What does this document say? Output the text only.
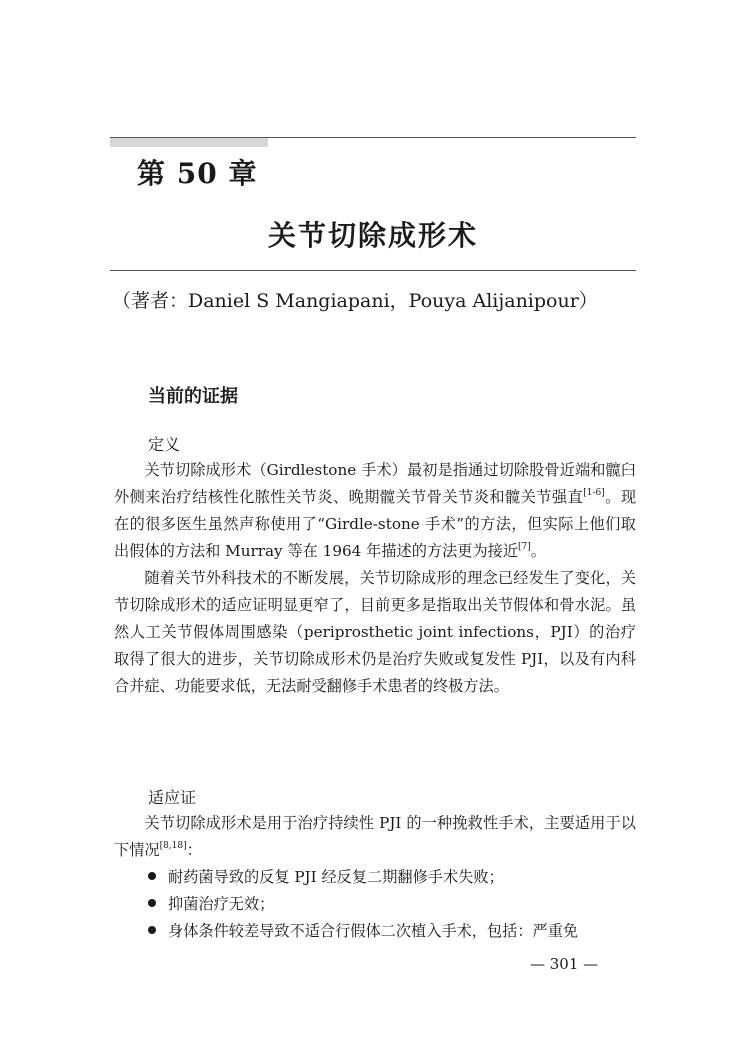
第 50 章
关节切除成形术
（著者：Daniel S Mangiapani，Pouya Alijanipour）
当前的证据
定义

关节切除成形术（Girdlestone 手术）最初是指通过切除股骨近端和髋臼外侧来治疗结核性化脓性关节炎、晚期髋关节骨关节炎和髋关节强直[1-6]。现在的很多医生虽然声称使用了“Girdle-stone 手术”的方法，但实际上他们取出假体的方法和 Murray 等在 1964 年描述的方法更为接近[7]。

随着关节外科技术的不断发展，关节切除成形的理念已经发生了变化，关节切除成形术的适应证明显更窄了，目前更多是指取出关节假体和骨水泥。虽然人工关节假体周围感染（periprosthetic joint infections，PJI）的治疗取得了很大的进步，关节切除成形术仍是治疗失败或复发性 PJI，以及有内科合并症、功能要求低，无法耐受翻修手术患者的终极方法。

适应证

关节切除成形术是用于治疗持续性 PJI 的一种挽救性手术，主要适用于以下情况[8,18]：

耐药菌导致的反复 PJI 经反复二期翻修手术失败；
抑菌治疗无效；
身体条件较差导致不适合行假体二次植入手术，包括：严重免
— 301 —
